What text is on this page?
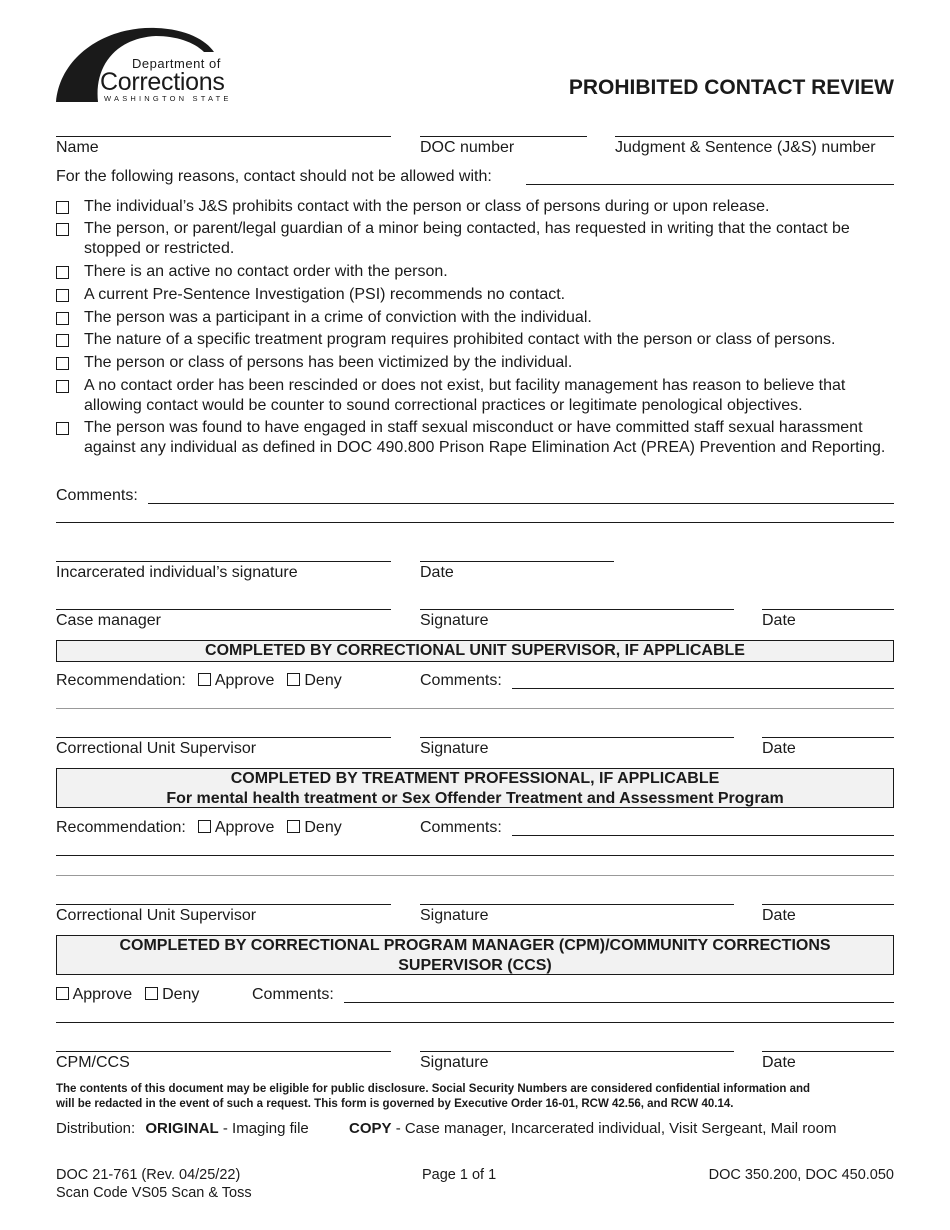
Department of
Corrections
WASHINGTON STATE	PROHIBITED CONTACT REVIEW
Name	DOC number	Judgment & Sentence (J&S) number
For the following reasons, contact should not be allowed with:
The individual’s J&S prohibits contact with the person or class of persons during or upon release.
The person, or parent/legal guardian of a minor being contacted, has requested in writing that the contact be stopped or restricted.
There is an active no contact order with the person.
A current Pre-Sentence Investigation (PSI) recommends no contact.
The person was a participant in a crime of conviction with the individual.
The nature of a specific treatment program requires prohibited contact with the person or class of persons.
The person or class of persons has been victimized by the individual.
A no contact order has been rescinded or does not exist, but facility management has reason to believe that allowing contact would be counter to sound correctional practices or legitimate penological objectives.
The person was found to have engaged in staff sexual misconduct or have committed staff sexual harassment against any individual as defined in DOC 490.800 Prison Rape Elimination Act (PREA) Prevention and Reporting.
Comments:
Incarcerated individual’s signature	Date
Case manager	Signature	Date
COMPLETED BY CORRECTIONAL UNIT SUPERVISOR, IF APPLICABLE
Recommendation: Approve Deny	Comments:
Correctional Unit Supervisor	Signature	Date
COMPLETED BY TREATMENT PROFESSIONAL, IF APPLICABLE
For mental health treatment or Sex Offender Treatment and Assessment Program
Recommendation: Approve Deny	Comments:
Correctional Unit Supervisor	Signature	Date
COMPLETED BY CORRECTIONAL PROGRAM MANAGER (CPM)/COMMUNITY CORRECTIONS
SUPERVISOR (CCS)
Approve Deny	Comments:
CPM/CCS	Signature	Date
The contents of this document may be eligible for public disclosure. Social Security Numbers are considered confidential information and
will be redacted in the event of such a request. This form is governed by Executive Order 16-01, RCW 42.56, and RCW 40.14.
Distribution: ORIGINAL - Imaging file	COPY - Case manager, Incarcerated individual, Visit Sergeant, Mail room
DOC 21-761 (Rev. 04/25/22)
Scan Code VS05 Scan & Toss
Page 1 of 1	DOC 350.200, DOC 450.050
